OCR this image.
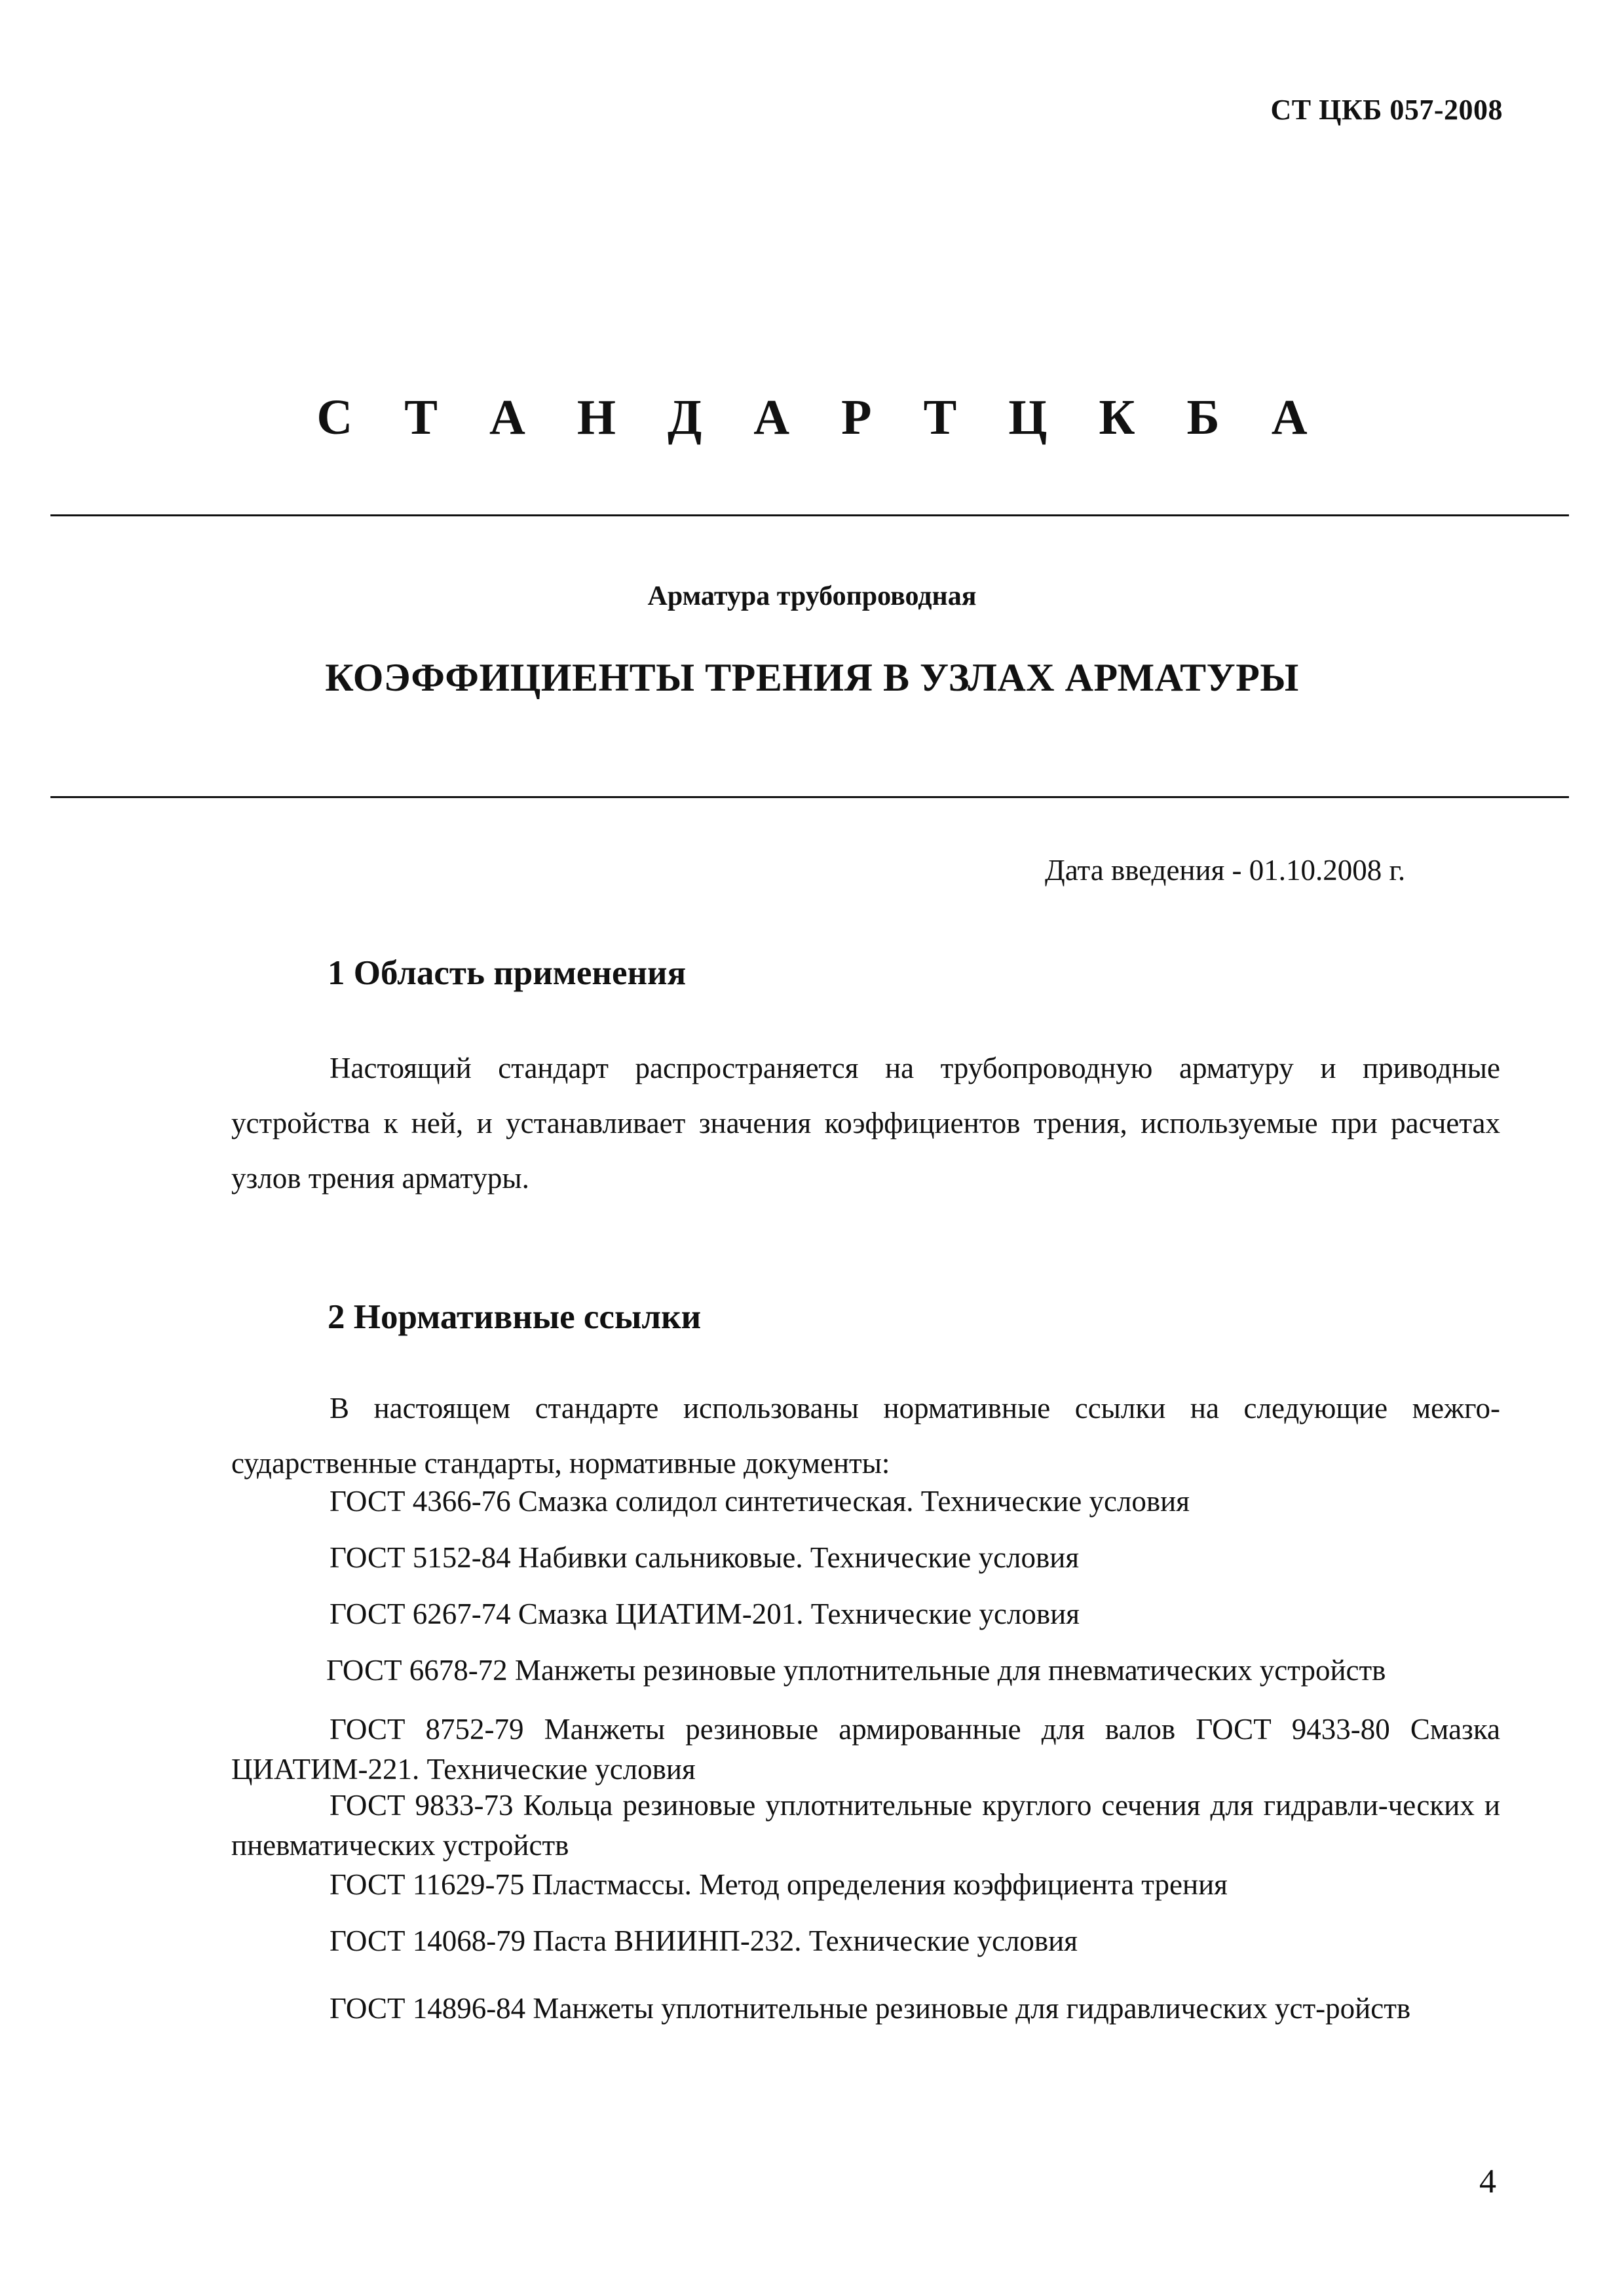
СТ ЦКБ 057-2008
С Т А Н Д А Р Т Ц К Б А
Арматура трубопроводная
КОЭФФИЦИЕНТЫ ТРЕНИЯ В УЗЛАХ АРМАТУРЫ
Дата введения - 01.10.2008 г.
1 Область применения

Настоящий стандарт распространяется на трубопроводную арматуру и приводные устройства к ней, и устанавливает значения коэффициентов трения, используемые при расчетах узлов трения арматуры.

2 Нормативные ссылки

В настоящем стандарте использованы нормативные ссылки на следующие межго-сударственные стандарты, нормативные документы:

ГОСТ 4366-76 Смазка солидол синтетическая. Технические условия
ГОСТ 5152-84 Набивки сальниковые. Технические условия
ГОСТ 6267-74 Смазка ЦИАТИМ-201. Технические условия
ГОСТ 6678-72 Манжеты резиновые уплотнительные для пневматических устройств

ГОСТ 8752-79 Манжеты резиновые армированные для валов ГОСТ 9433-80 Смазка ЦИАТИМ-221. Технические условия

ГОСТ 9833-73 Кольца резиновые уплотнительные круглого сечения для гидравли-ческих и пневматических устройств

ГОСТ 11629-75 Пластмассы. Метод определения коэффициента трения
ГОСТ 14068-79 Паста ВНИИНП-232. Технические условия

ГОСТ 14896-84 Манжеты уплотнительные резиновые для гидравлических уст-ройств

4
